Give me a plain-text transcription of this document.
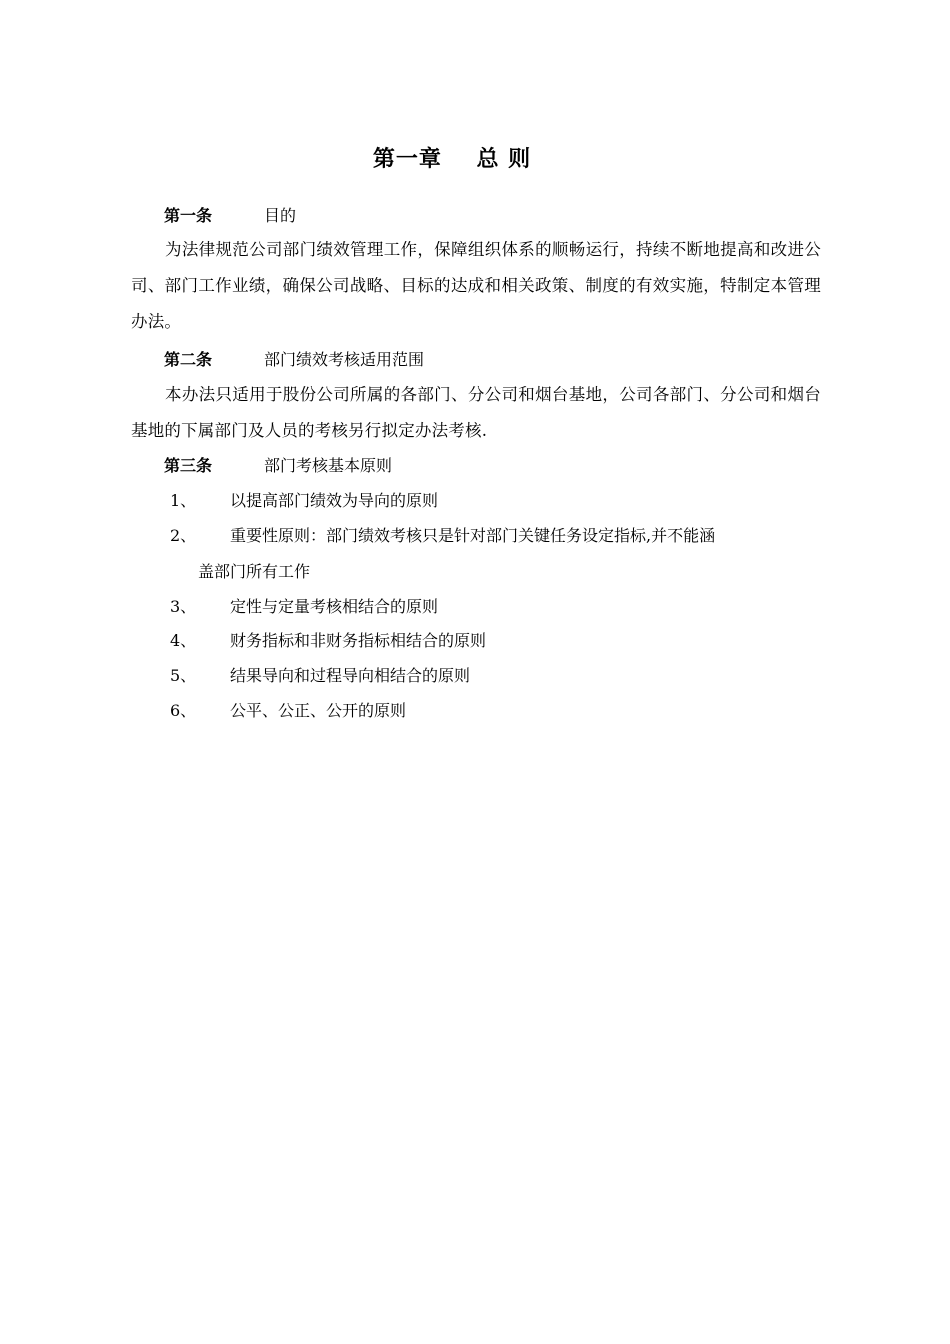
第一章    总 则
第一条	目的
为法律规范公司部门绩效管理工作，保障组织体系的顺畅运行，持续不断地提高和改进公司、部门工作业绩，确保公司战略、目标的达成和相关政策、制度的有效实施，特制定本管理办法。
第二条	部门绩效考核适用范围
本办法只适用于股份公司所属的各部门、分公司和烟台基地，公司各部门、分公司和烟台基地的下属部门及人员的考核另行拟定办法考核.
第三条	部门考核基本原则
1、 以提高部门绩效为导向的原则
2、 重要性原则：部门绩效考核只是针对部门关键任务设定指标,并不能涵
盖部门所有工作
3、 定性与定量考核相结合的原则
4、 财务指标和非财务指标相结合的原则
5、 结果导向和过程导向相结合的原则
6、 公平、公正、公开的原则
